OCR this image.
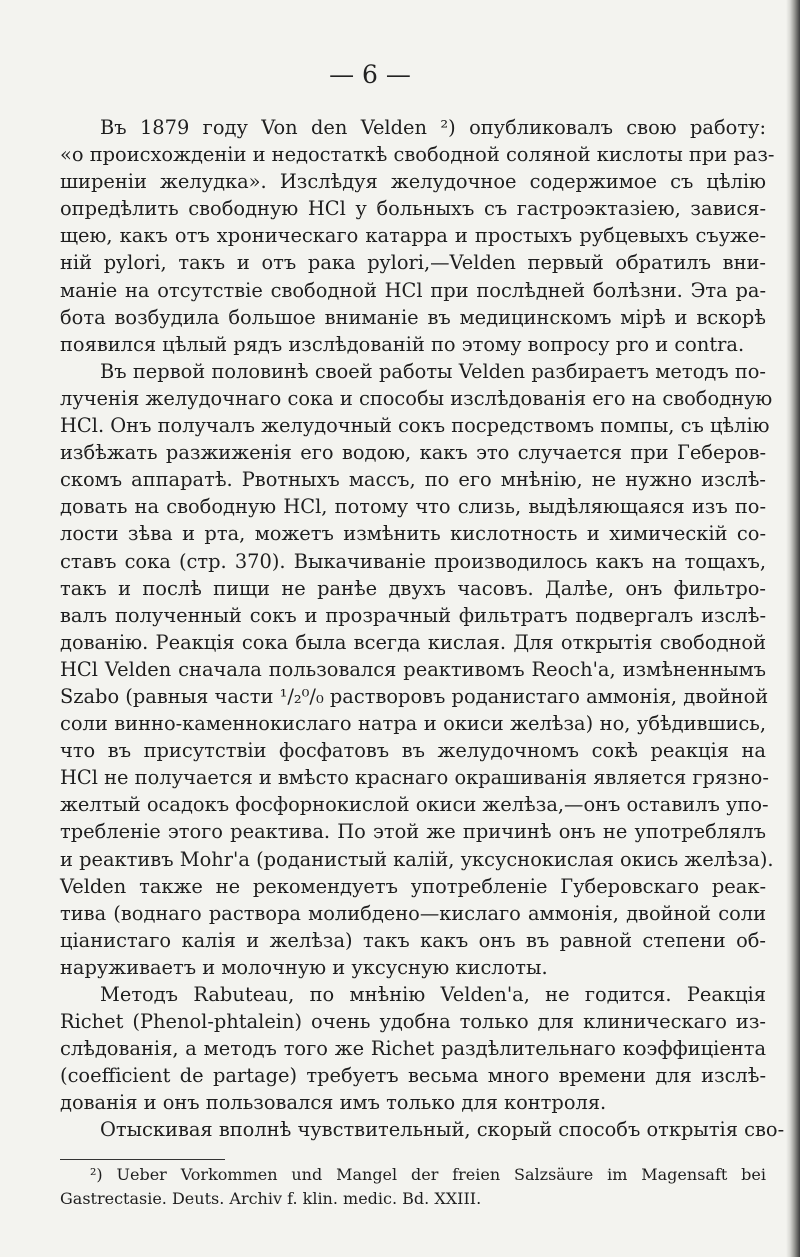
— 6 —
Въ 1879 году Von den Velden ²) опубликовалъ свою работу:
«о происхожденіи и недостаткѣ свободной соляной кислоты при раз-
ширеніи желудка». Изслѣдуя желудочное содержимое съ цѣлію
опредѣлить свободную НСl у больныхъ съ гастроэктазіею, завися-
щею, какъ отъ хроническаго катарра и простыхъ рубцевыхъ съуже-
ній pylori, такъ и отъ рака pylori,—Velden первый обратилъ вни-
маніе на отсутствіе свободной НСl при послѣдней болѣзни. Эта ра-
бота возбудила большое вниманіе въ медицинскомъ мірѣ и вскорѣ
появился цѣлый рядъ изслѣдованій по этому вопросу pro и contra.
Въ первой половинѣ своей работы Velden разбираетъ методъ по-
лученія желудочнаго сока и способы изслѣдованія его на свободную
НСl. Онъ получалъ желудочный сокъ посредствомъ помпы, съ цѣлію
избѣжать разжиженія его водою, какъ это случается при Геберов-
скомъ аппаратѣ. Рвотныхъ массъ, по его мнѣнію, не нужно изслѣ-
довать на свободную НСl, потому что слизь, выдѣляющаяся изъ по-
лости зѣва и рта, можетъ измѣнить кислотность и химическій со-
ставъ сока (стр. 370). Выкачиваніе производилось какъ на тощахъ,
такъ и послѣ пищи не ранѣе двухъ часовъ. Далѣе, онъ фильтро-
валъ полученный сокъ и прозрачный фильтратъ подвергалъ изслѣ-
дованію. Реакція сока была всегда кислая. Для открытія свободной
НСl Velden сначала пользовался реактивомъ Reoch'a, измѣненнымъ
Szabo (равныя части ¹/₂⁰/₀ растворовъ роданистаго аммонія, двойной
соли винно-каменнокислаго натра и окиси желѣза) но, убѣдившись,
что въ присутствіи фосфатовъ въ желудочномъ сокѣ реакція на
НСl не получается и вмѣсто краснаго окрашиванія является грязно-
желтый осадокъ фосфорнокислой окиси желѣза,—онъ оставилъ упо-
требленіе этого реактива. По этой же причинѣ онъ не употреблялъ
и реактивъ Mohr'a (роданистый калій, уксуснокислая окись желѣза).
Velden также не рекомендуетъ употребленіе Губеровскаго реак-
тива (воднаго раствора молибдено—кислаго аммонія, двойной соли
ціанистаго калія и желѣза) такъ какъ онъ въ равной степени об-
наруживаетъ и молочную и уксусную кислоты.
Методъ Rabuteau, по мнѣнію Velden'a, не годится. Реакція
Richet (Phenol-phtalein) очень удобна только для клиническаго из-
слѣдованія, а методъ того же Richet раздѣлительнаго коэффиціента
(coefficient de partage) требуетъ весьма много времени для изслѣ-
дованія и онъ пользовался имъ только для контроля.
Отыскивая вполнѣ чувствительный, скорый способъ открытія сво-
²) Ueber Vorkommen und Mangel der freien Salzsäure im Magensaft bei
Gastrectasie. Deuts. Archiv f. klin. medic. Bd. XXIII.
